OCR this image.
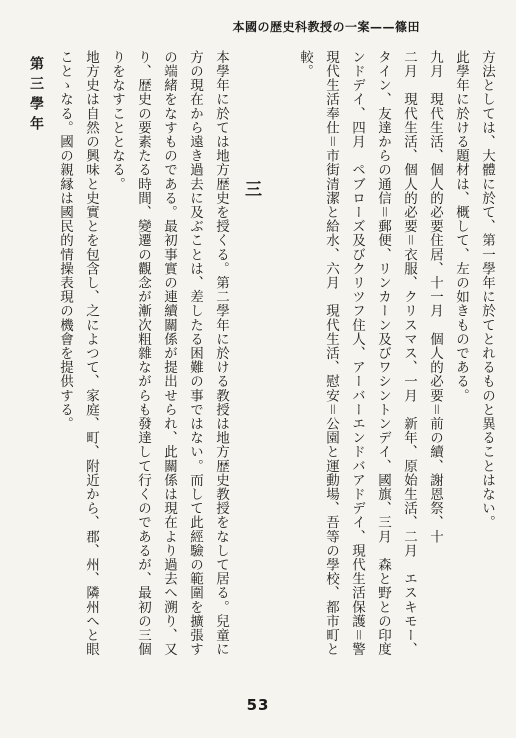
本國の歴史科教授の一案——篠田
方法としては、大體に於て、第一學年に於てとれるものと異ることはない。
此學年に於ける題材は、概して、左の如きものである。
九月　現代生活、個人的必要住居、十一月　個人的必要＝前の續、謝恩祭、十
二月　現代生活、個人的必要＝衣服、クリスマス、一月　新年、原始生活、二月　エスキモー、
タイン、友達からの通信＝郵便、リンカーン及びワシントンデイ、國旗、三月　森と野との印度
ンドデイ、四月　ペブローズ及びクリツフ住人、アーバーエンドバアドデイ、現代生活保護＝警
現代生活奉仕＝市街清潔と給水、六月　現代生活、慰安＝公園と運動場、吾等の學校、都市町と
較。
三
本學年に於ては地方歴史を授くる。第二學年に於ける教授は地方歴史教授をなして居る。兒童に
方の現在から遠き過去に及ぶことは、差したる困難の事ではない。而して此經驗の範圍を擴張す
の端緒をなすものである。最初事實の連續關係が提出せられ、此關係は現在より過去へ溯り、又
り、歴史の要素たる時間、變遷の觀念が漸次粗雜ながらも發達して行くのであるが、最初の三個
りをなすこととなる。
地方史は自然の興味と史實とを包含し、之によつて、家庭、町、附近から、郡、州、隣州へと眼
ことゝなる。國の親縁は國民的情操表現の機會を提供する。
第三學年
53
